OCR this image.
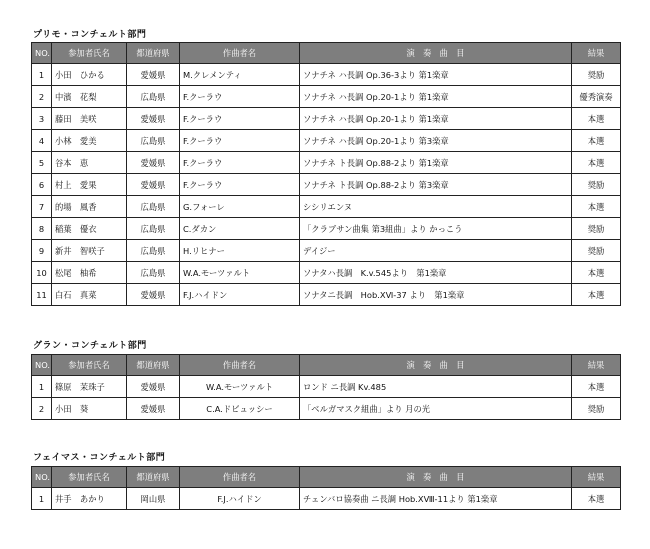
プリモ・コンチェルト部門
NO.	参加者氏名	都道府県	作曲者名	演　奏　曲　目	結果
1	小田　ひかる	愛媛県	M.クレメンティ	ソナチネ ハ長調 Op.36-3より 第1楽章	奨励
2	中濱　花梨	広島県	F.クーラウ	ソナチネ ハ長調 Op.20-1より 第1楽章	優秀演奏
3	藤田　美咲	愛媛県	F.クーラウ	ソナチネ ハ長調 Op.20-1より 第1楽章	本選
4	小林　愛美	広島県	F.クーラウ	ソナチネ ハ長調 Op.20-1より 第3楽章	本選
5	谷本　恵	愛媛県	F.クーラウ	ソナチネ ト長調 Op.88-2より 第1楽章	本選
6	村上　愛果	愛媛県	F.クーラウ	ソナチネ ト長調 Op.88-2より 第3楽章	奨励
7	的場　風香	広島県	G.フォーレ	シシリエンヌ	本選
8	稲葉　優衣	広島県	C.ダカン	「クラブサン曲集 第3組曲」より かっこう	奨励
9	新井　智咲子	広島県	H.リヒナー	デイジー	奨励
10	松尾　柚希	広島県	W.A.モーツァルト	ソナタハ長調　K.v.545より　第1楽章	本選
11	白石　真菜	愛媛県	F.J.ハイドン	ソナタニ長調　Hob.ⅩⅥ-37 より　第1楽章	本選
グラン・コンチェルト部門
NO.	参加者氏名	都道府県	作曲者名	演　奏　曲　目	結果
1	篠原　茉珠子	愛媛県	W.A.モーツァルト	ロンド ニ長調 Kv.485	本選
2	小田　葵	愛媛県	C.A.ドビュッシー	「ベルガマスク組曲」より 月の光	奨励
フェイマス・コンチェルト部門
NO.	参加者氏名	都道府県	作曲者名	演　奏　曲　目	結果
1	井手　あかり	岡山県	F.J.ハイドン	チェンバロ協奏曲 ニ長調 Hob.ⅩⅧ-11より 第1楽章	本選
